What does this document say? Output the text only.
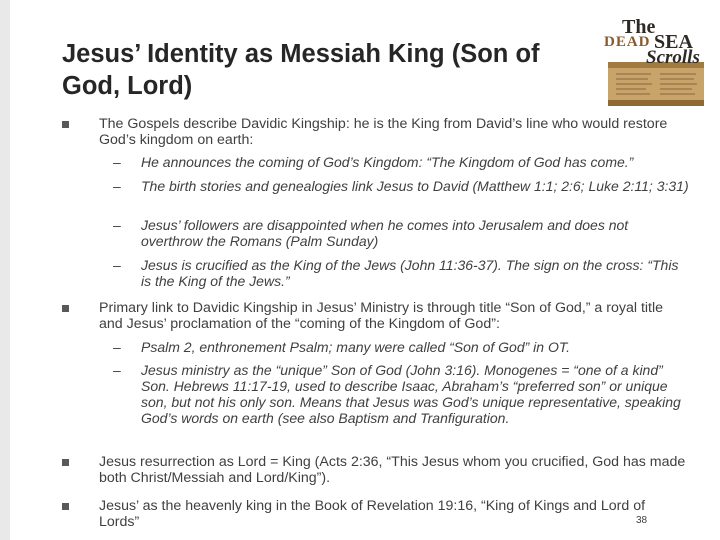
Jesus’ Identity as Messiah King (Son of God, Lord)
The
DEAD SEA
Scrolls
The Gospels describe Davidic Kingship: he is the King from David’s line who would restore God’s kingdom on earth:
– He announces the coming of God’s Kingdom: “The Kingdom of God has come.”
– The birth stories and genealogies link Jesus to David (Matthew 1:1; 2:6; Luke 2:11; 3:31)
– Jesus’ followers are disappointed when he comes into Jerusalem and does not overthrow the Romans (Palm Sunday)
– Jesus is crucified as the King of the Jews (John 11:36-37). The sign on the cross: “This is the King of the Jews.”
Primary link to Davidic Kingship in Jesus’ Ministry is through title “Son of God,” a royal title and Jesus’ proclamation of the “coming of the Kingdom of God”:
– Psalm 2, enthronement Psalm; many were called “Son of God” in OT.
– Jesus ministry as the “unique” Son of God (John 3:16). Monogenes = “one of a kind” Son. Hebrews 11:17-19, used to describe Isaac, Abraham’s “preferred son” or unique son, but not his only son. Means that Jesus was God’s unique representative, speaking God’s words on earth (see also Baptism and Tranfiguration.
Jesus resurrection as Lord = King (Acts 2:36, “This Jesus whom you crucified, God has made both Christ/Messiah and Lord/King”).
Jesus’ as the heavenly king in the Book of Revelation 19:16, “King of Kings and Lord of Lords”	38
